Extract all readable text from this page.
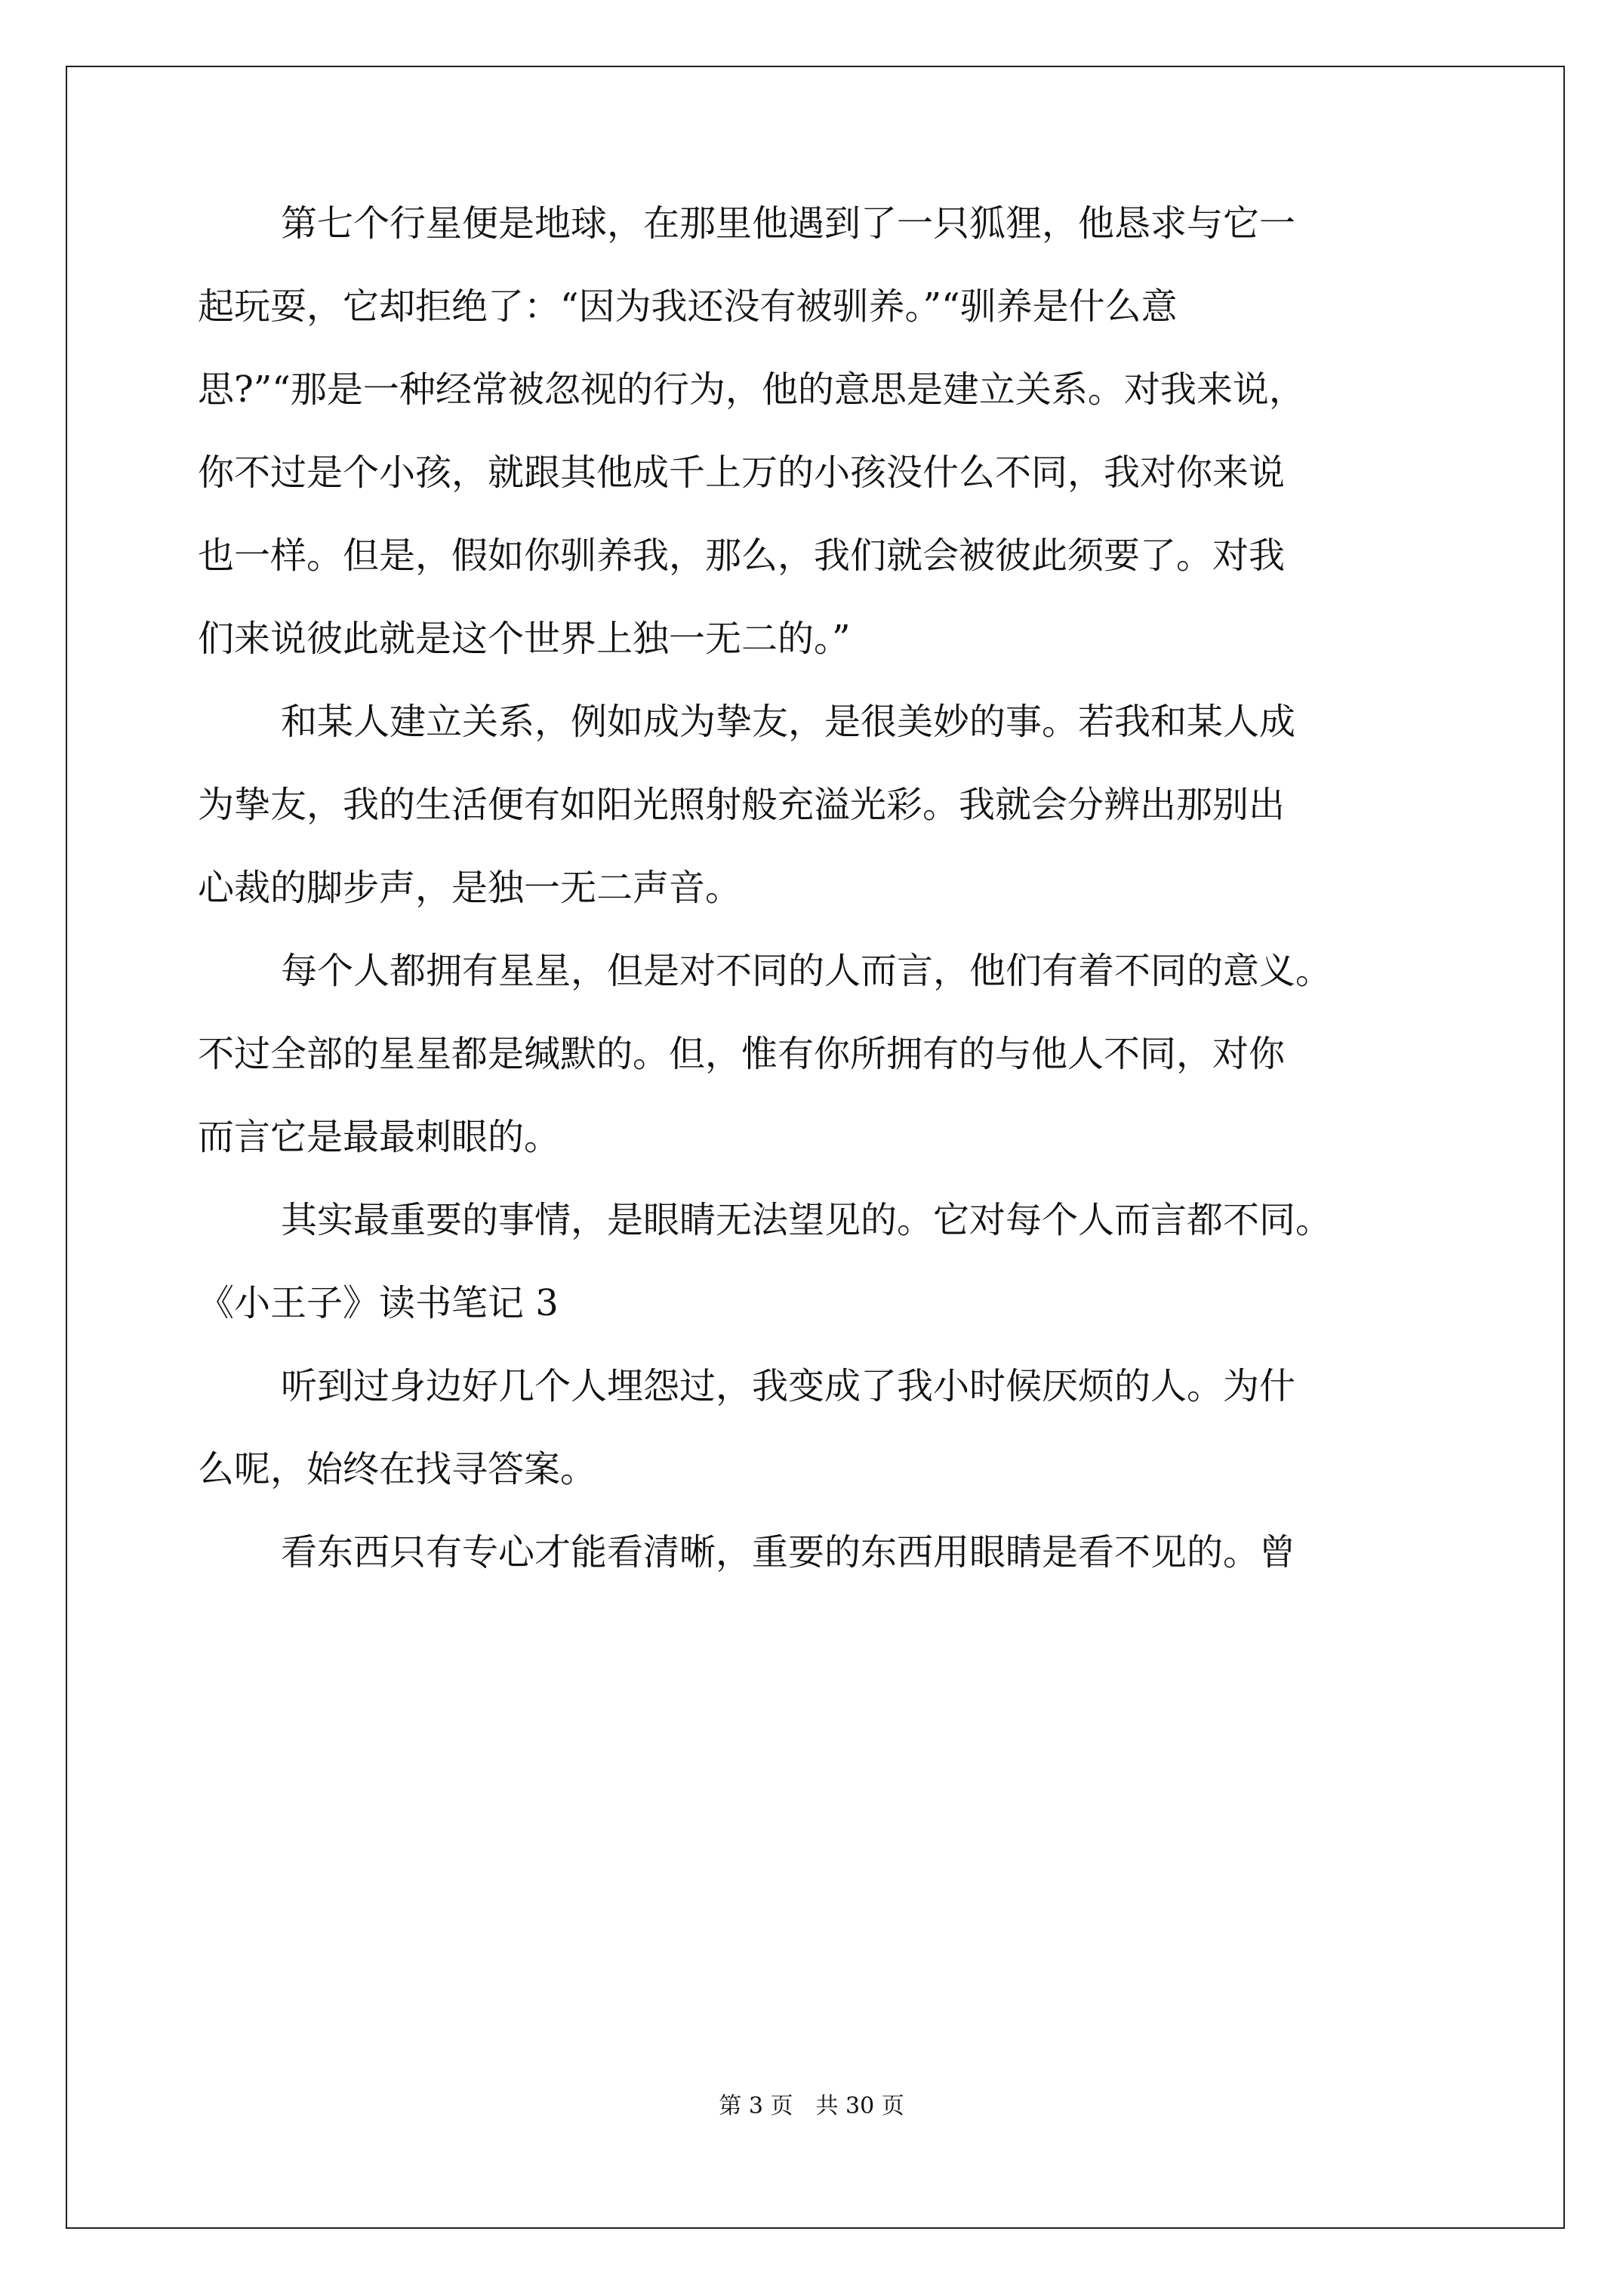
第七个行星便是地球，在那里他遇到了一只狐狸，他恳求与它一
起玩耍，它却拒绝了：“因为我还没有被驯养。”“驯养是什么意
思?”“那是一种经常被忽视的行为，他的意思是建立关系。对我来说，
你不过是个小孩，就跟其他成千上万的小孩没什么不同，我对你来说
也一样。但是，假如你驯养我，那么，我们就会被彼此须要了。对我
们来说彼此就是这个世界上独一无二的。”
和某人建立关系，例如成为挚友，是很美妙的事。若我和某人成
为挚友，我的生活便有如阳光照射般充溢光彩。我就会分辨出那别出
心裁的脚步声，是独一无二声音。
每个人都拥有星星，但是对不同的人而言，他们有着不同的意义。
不过全部的星星都是缄默的。但，惟有你所拥有的与他人不同，对你
而言它是最最刺眼的。
其实最重要的事情，是眼睛无法望见的。它对每个人而言都不同。
《小王子》读书笔记 3
听到过身边好几个人埋怨过，我变成了我小时候厌烦的人。为什
么呢，始终在找寻答案。
看东西只有专心才能看清晰，重要的东西用眼睛是看不见的。曾
第 3 页　共 30 页
